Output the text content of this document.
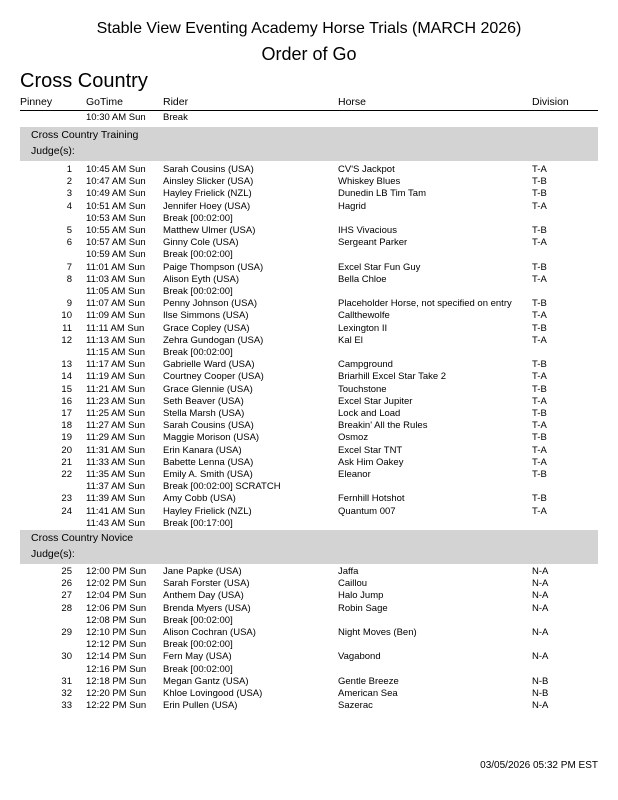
Stable View Eventing Academy Horse Trials (MARCH 2026)
Order of Go
Cross Country
Pinney	GoTime	Rider	Horse	Division
10:30 AM Sun Break
Cross Country Training
Judge(s):
1 10:45 AM Sun Sarah Cousins (USA)	CV'S Jackpot	T-A
2 10:47 AM Sun Ainsley Slicker (USA)	Whiskey Blues	T-B
3 10:49 AM Sun Hayley Frielick (NZL)	Dunedin LB Tim Tam	T-B
4 10:51 AM Sun Jennifer Hoey (USA)	Hagrid	T-A
10:53 AM Sun Break [00:02:00]
5 10:55 AM Sun Matthew Ulmer (USA)	IHS Vivacious	T-B
6 10:57 AM Sun Ginny Cole (USA)	Sergeant Parker	T-A
10:59 AM Sun Break [00:02:00]
7 11:01 AM Sun Paige Thompson (USA)	Excel Star Fun Guy	T-B
8 11:03 AM Sun Alison Eyth (USA)	Bella Chloe	T-A
11:05 AM Sun Break [00:02:00]
9 11:07 AM Sun Penny Johnson (USA)	Placeholder Horse, not specified on entry T-B
10 11:09 AM Sun Ilse Simmons (USA)	Callthewolfe	T-A
11 11:11 AM Sun Grace Copley (USA)	Lexington II	T-B
12 11:13 AM Sun Zehra Gundogan (USA)	Kal El	T-A
11:15 AM Sun Break [00:02:00]
13 11:17 AM Sun Gabrielle Ward (USA)	Campground	T-B
14 11:19 AM Sun Courtney Cooper (USA)	Briarhill Excel Star Take 2	T-A
15 11:21 AM Sun Grace Glennie (USA)	Touchstone	T-B
16 11:23 AM Sun Seth Beaver (USA)	Excel Star Jupiter	T-A
17 11:25 AM Sun Stella Marsh (USA)	Lock and Load	T-B
18 11:27 AM Sun Sarah Cousins (USA)	Breakin' All the Rules	T-A
19 11:29 AM Sun Maggie Morison (USA)	Osmoz	T-B
20 11:31 AM Sun Erin Kanara (USA)	Excel Star TNT	T-A
21 11:33 AM Sun Babette Lenna (USA)	Ask Him Oakey	T-A
22 11:35 AM Sun Emily A. Smith (USA)	Eleanor	T-B
11:37 AM Sun Break [00:02:00] SCRATCH
23 11:39 AM Sun Amy Cobb (USA)	Fernhill Hotshot	T-B
24 11:41 AM Sun Hayley Frielick (NZL)	Quantum 007	T-A
11:43 AM Sun Break [00:17:00]
Cross Country Novice
Judge(s):
25 12:00 PM Sun Jane Papke (USA)	Jaffa	N-A
26 12:02 PM Sun Sarah Forster (USA)	Caillou	N-A
27 12:04 PM Sun Anthem Day (USA)	Halo Jump	N-A
28 12:06 PM Sun Brenda Myers (USA)	Robin Sage	N-A
12:08 PM Sun Break [00:02:00]
29 12:10 PM Sun Alison Cochran (USA)	Night Moves (Ben)	N-A
12:12 PM Sun Break [00:02:00]
30 12:14 PM Sun Fern May (USA)	Vagabond	N-A
12:16 PM Sun Break [00:02:00]
31 12:18 PM Sun Megan Gantz (USA)	Gentle Breeze	N-B
32 12:20 PM Sun Khloe Lovingood (USA)	American Sea	N-B
33 12:22 PM Sun Erin Pullen (USA)	Sazerac	N-A
03/05/2026 05:32 PM EST
